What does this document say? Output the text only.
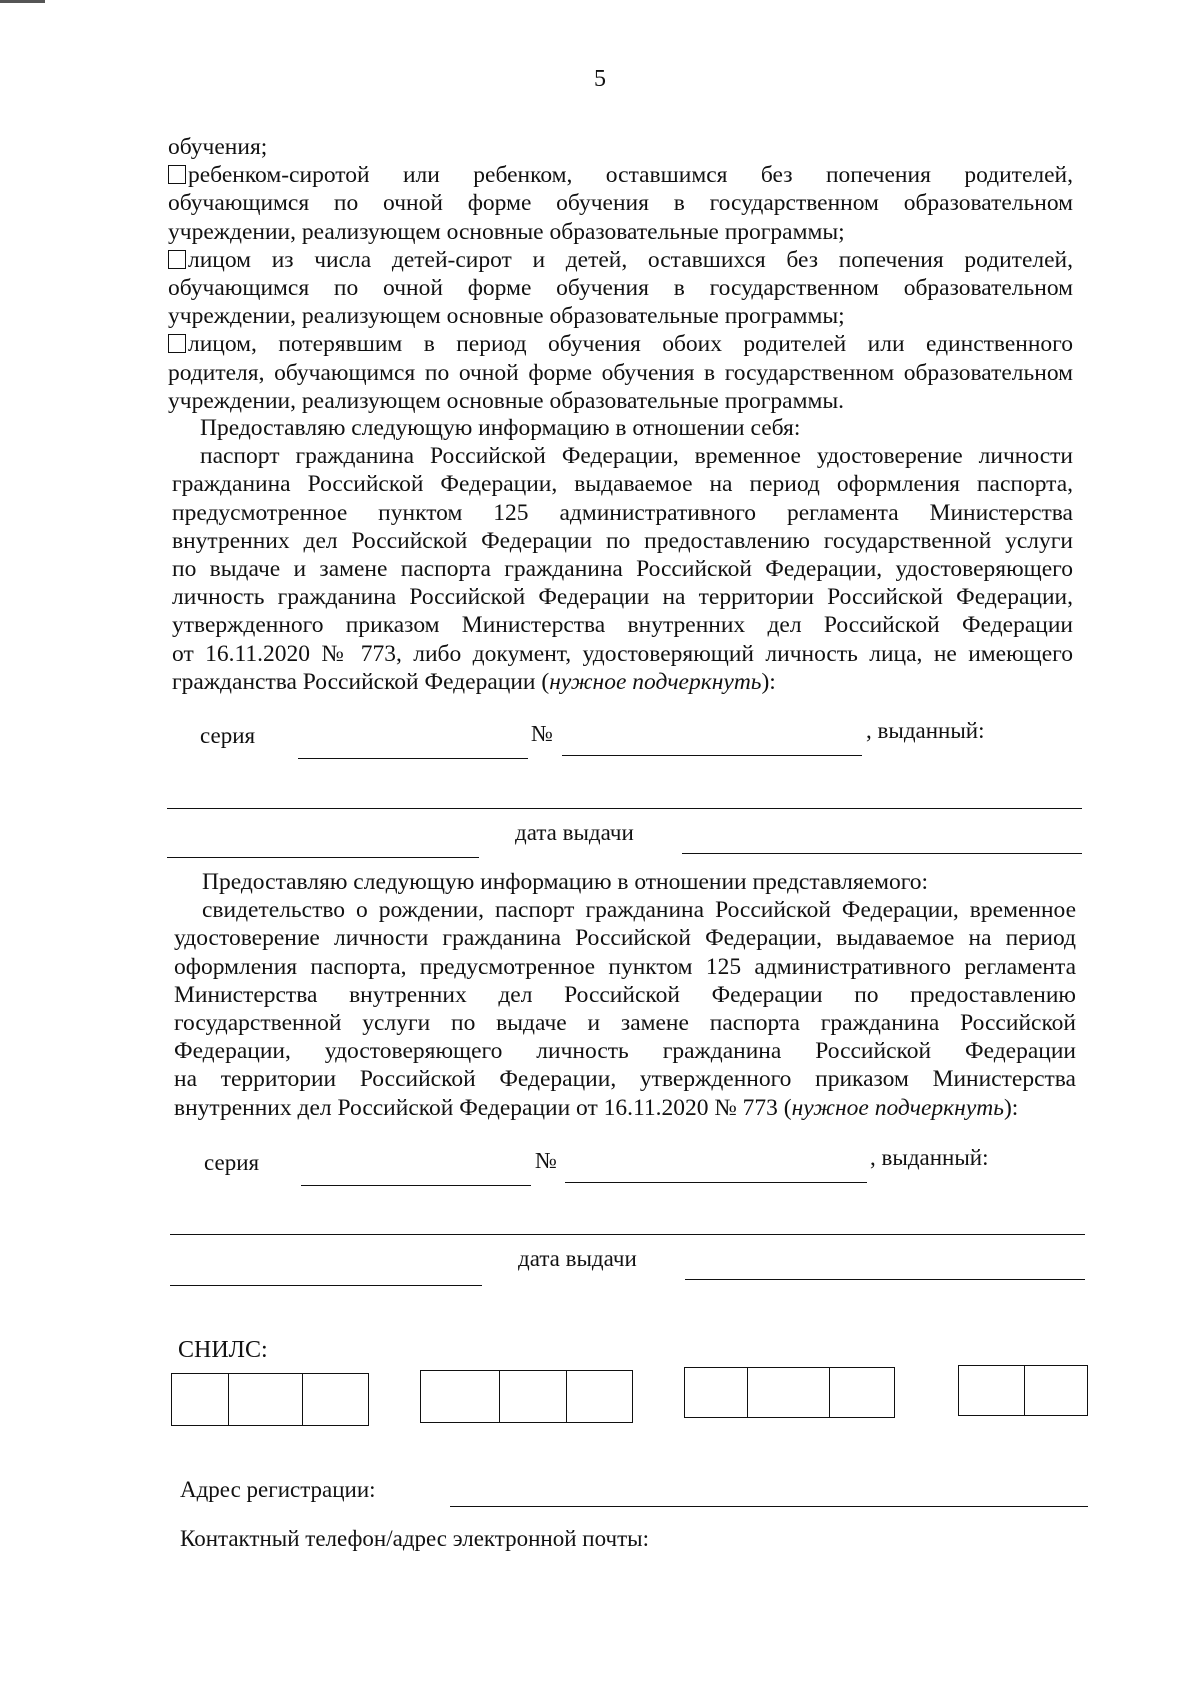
5

обучения;

ребенком-сиротой или ребенком, оставшимся без попечения родителей,

обучающимся по очной форме обучения в государственном образовательном

учреждении, реализующем основные образовательные программы;

лицом из числа детей-сирот и детей, оставшихся без попечения родителей,

обучающимся по очной форме обучения в государственном образовательном

учреждении, реализующем основные образовательные программы;

лицом, потерявшим в период обучения обоих родителей или единственного

родителя, обучающимся по очной форме обучения в государственном образовательном

учреждении, реализующем основные образовательные программы.

Предоставляю следующую информацию в отношении себя:

паспорт гражданина Российской Федерации, временное удостоверение личности

гражданина Российской Федерации, выдаваемое на период оформления паспорта,

предусмотренное пунктом 125 административного регламента Министерства

внутренних дел Российской Федерации по предоставлению государственной услуги

по выдаче и замене паспорта гражданина Российской Федерации, удостоверяющего

личность гражданина Российской Федерации на территории Российской Федерации,

утвержденного приказом Министерства внутренних дел Российской Федерации

от 16.11.2020 № 773, либо документ, удостоверяющий личность лица, не имеющего

гражданства Российской Федерации (нужное подчеркнуть):

серия	№	, выданный:
дата выдачи

Предоставляю следующую информацию в отношении представляемого:

свидетельство о рождении, паспорт гражданина Российской Федерации, временное

удостоверение личности гражданина Российской Федерации, выдаваемое на период

оформления паспорта, предусмотренное пунктом 125 административного регламента

Министерства внутренних дел Российской Федерации по предоставлению

государственной услуги по выдаче и замене паспорта гражданина Российской

Федерации, удостоверяющего личность гражданина Российской Федерации

на территории Российской Федерации, утвержденного приказом Министерства

внутренних дел Российской Федерации от 16.11.2020 № 773 (нужное подчеркнуть):

серия	№	, выданный:
дата выдачи
СНИЛС:
Адрес регистрации:
Контактный телефон/адрес электронной почты:
